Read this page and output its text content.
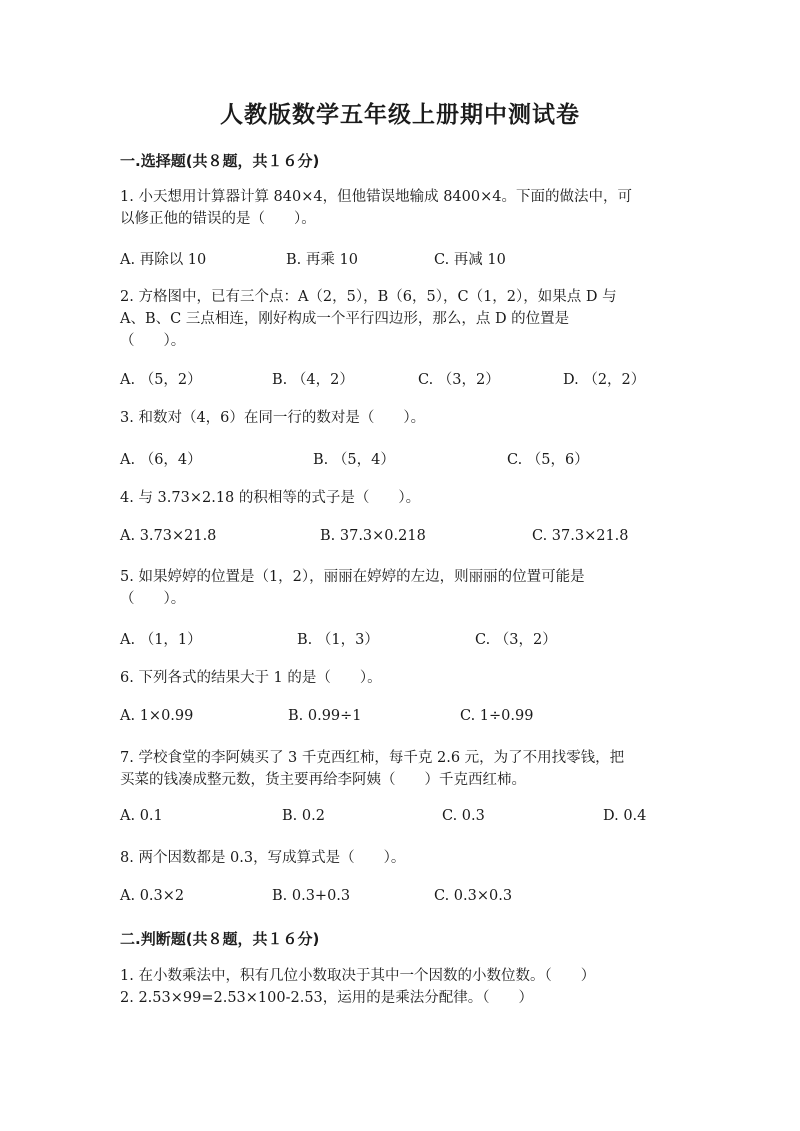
人教版数学五年级上册期中测试卷
一.选择题(共８题，共１６分)

1. 小天想用计算器计算 840×4，但他错误地输成 8400×4。下面的做法中，可

以修正他的错误的是（　　）。

A. 再除以 10	B. 再乘 10	C. 再减 10

2. 方格图中，已有三个点：A（2，5），B（6，5），C（1，2），如果点 D 与

A、B、C 三点相连，刚好构成一个平行四边形，那么，点 D 的位置是

（　　）。

A. （5，2）	B. （4，2）	C. （3，2）	D. （2，2）

3. 和数对（4，6）在同一行的数对是（　　）。

A. （6，4）	B. （5，4）	C. （5，6）

4. 与 3.73×2.18 的积相等的式子是（　　）。

A. 3.73×21.8	B. 37.3×0.218	C. 37.3×21.8

5. 如果婷婷的位置是（1，2），丽丽在婷婷的左边，则丽丽的位置可能是

（　　）。

A. （1，1）	B. （1，3）	C. （3，2）

6. 下列各式的结果大于 1 的是（　　）。

A. 1×0.99	B. 0.99÷1	C. 1÷0.99

7. 学校食堂的李阿姨买了 3 千克西红柿，每千克 2.6 元，为了不用找零钱，把

买菜的钱凑成整元数，货主要再给李阿姨（　　）千克西红柿。

A. 0.1	B. 0.2	C. 0.3	D. 0.4

8. 两个因数都是 0.3，写成算式是（　　）。

A. 0.3×2	B. 0.3+0.3	C. 0.3×0.3
二.判断题(共８题，共１６分)

1. 在小数乘法中，积有几位小数取决于其中一个因数的小数位数。（　　）

2. 2.53×99=2.53×100-2.53，运用的是乘法分配律。（　　）
